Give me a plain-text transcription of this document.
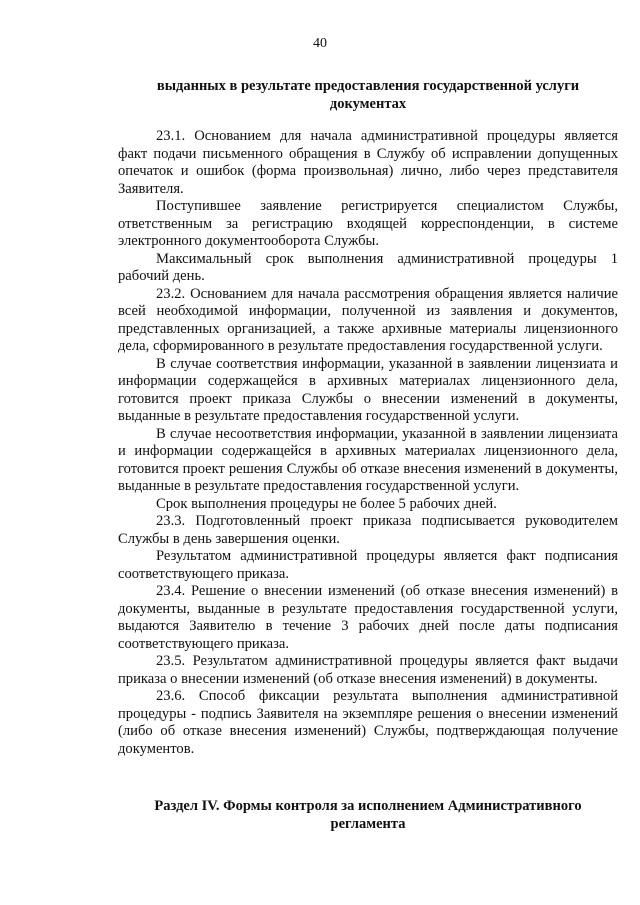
40
выданных в результате предоставления государственной услуги документах

23.1. Основанием для начала административной процедуры является факт подачи письменного обращения в Службу об исправлении допущенных опечаток и ошибок (форма произвольная) лично, либо через представителя Заявителя.

Поступившее заявление регистрируется специалистом Службы, ответственным за регистрацию входящей корреспонденции, в системе электронного документооборота Службы.

Максимальный срок выполнения административной процедуры 1 рабочий день.

23.2. Основанием для начала рассмотрения обращения является наличие всей необходимой информации, полученной из заявления и документов, представленных организацией, а также архивные материалы лицензионного дела, сформированного в результате предоставления государственной услуги.

В случае соответствия информации, указанной в заявлении лицензиата и информации содержащейся в архивных материалах лицензионного дела, готовится проект приказа Службы о внесении изменений в документы, выданные в результате предоставления государственной услуги.

В случае несоответствия информации, указанной в заявлении лицензиата и информации содержащейся в архивных материалах лицензионного дела, готовится проект решения Службы об отказе внесения изменений в документы, выданные в результате предоставления государственной услуги.

Срок выполнения процедуры не более 5 рабочих дней.

23.3. Подготовленный проект приказа подписывается руководителем Службы в день завершения оценки.

Результатом административной процедуры является факт подписания соответствующего приказа.

23.4. Решение о внесении изменений (об отказе внесения изменений) в документы, выданные в результате предоставления государственной услуги, выдаются Заявителю в течение 3 рабочих дней после даты подписания соответствующего приказа.

23.5. Результатом административной процедуры является факт выдачи приказа о внесении изменений (об отказе внесения изменений) в документы.

23.6. Способ фиксации результата выполнения административной процедуры - подпись Заявителя на экземпляре решения о внесении изменений (либо об отказе внесения изменений) Службы, подтверждающая получение документов.

Раздел IV. Формы контроля за исполнением Административного регламента
